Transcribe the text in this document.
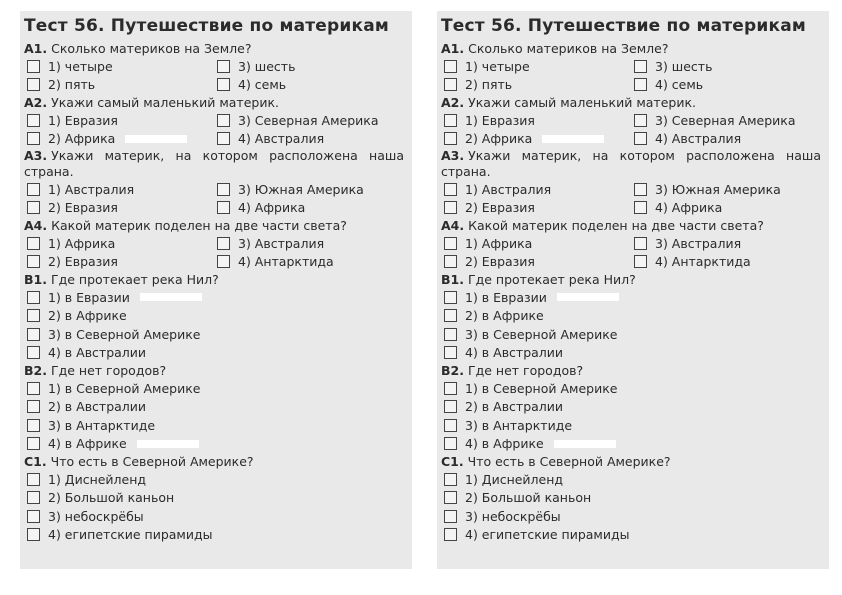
Тест 56. Путешествие по материкам
А1. Сколько материков на Земле?
1) четыре	3) шесть
2) пять	4) семь
А2. Укажи самый маленький материк.
1) Евразия	3) Северная Америка
2) Африка	4) Австралия
А3. Укажи материк, на котором расположена наша страна.
1) Австралия	3) Южная Америка
2) Евразия	4) Африка
А4. Какой материк поделен на две части света?
1) Африка	3) Австралия
2) Евразия	4) Антарктида
В1. Где протекает река Нил?
1) в Евразии
2) в Африке
3) в Северной Америке
4) в Австралии
В2. Где нет городов?
1) в Северной Америке
2) в Австралии
3) в Антарктиде
4) в Африке
С1. Что есть в Северной Америке?
1) Диснейленд
2) Большой каньон
3) небоскрёбы
4) египетские пирамиды
Тест 56. Путешествие по материкам
А1. Сколько материков на Земле?
1) четыре	3) шесть
2) пять	4) семь
А2. Укажи самый маленький материк.
1) Евразия	3) Северная Америка
2) Африка	4) Австралия
А3. Укажи материк, на котором расположена наша страна.
1) Австралия	3) Южная Америка
2) Евразия	4) Африка
А4. Какой материк поделен на две части света?
1) Африка	3) Австралия
2) Евразия	4) Антарктида
В1. Где протекает река Нил?
1) в Евразии
2) в Африке
3) в Северной Америке
4) в Австралии
В2. Где нет городов?
1) в Северной Америке
2) в Австралии
3) в Антарктиде
4) в Африке
С1. Что есть в Северной Америке?
1) Диснейленд
2) Большой каньон
3) небоскрёбы
4) египетские пирамиды
